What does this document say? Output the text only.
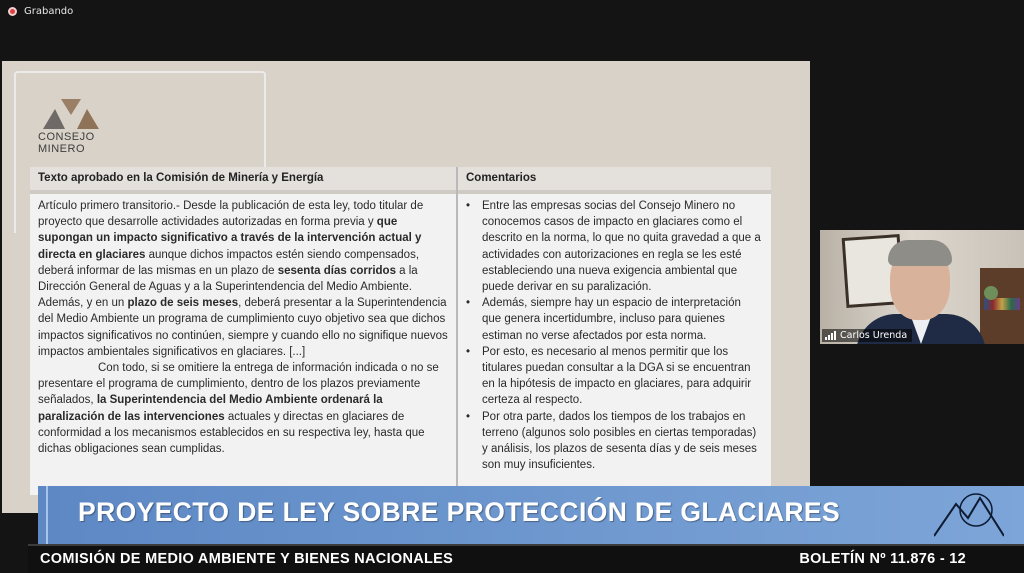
Grabando
CONSEJO
MINERO
Texto aprobado en la Comisión de Minería y Energía

Artículo primero transitorio.- Desde la publicación de esta ley, todo titular de proyecto que desarrolle actividades autorizadas en forma previa y que supongan un impacto significativo a través de la intervención actual y directa en glaciares aunque dichos impactos estén siendo compensados, deberá informar de las mismas en un plazo de sesenta días corridos a la Dirección General de Aguas y a la Superintendencia del Medio Ambiente. Además, y en un plazo de seis meses, deberá presentar a la Superintendencia del Medio Ambiente un programa de cumplimiento cuyo objetivo sea que dichos impactos significativos no continúen, siempre y cuando ello no signifique nuevos impactos ambientales significativos en glaciares. [...]

Con todo, si se omitiere la entrega de información indicada o no se presentare el programa de cumplimiento, dentro de los plazos previamente señalados, la Superintendencia del Medio Ambiente ordenará la paralización de las intervenciones actuales y directas en glaciares de conformidad a los mecanismos establecidos en su respectiva ley, hasta que dichas obligaciones sean cumplidas.

Comentarios
• Entre las empresas socias del Consejo Minero no conocemos casos de impacto en glaciares como el descrito en la norma, lo que no quita gravedad a que a actividades con autorizaciones en regla se les esté estableciendo una nueva exigencia ambiental que puede derivar en su paralización.
• Además, siempre hay un espacio de interpretación que genera incertidumbre, incluso para quienes estiman no verse afectados por esta norma.
• Por esto, es necesario al menos permitir que los titulares puedan consultar a la DGA si se encuentran en la hipótesis de impacto en glaciares, para adquirir certeza al respecto.
• Por otra parte, dados los tiempos de los trabajos en terreno (algunos solo posibles en ciertas temporadas) y análisis, los plazos de sesenta días y de seis meses son muy insuficientes.
Carlos Urenda
PROYECTO DE LEY SOBRE PROTECCIÓN DE GLACIARES
COMISIÓN DE MEDIO AMBIENTE Y BIENES NACIONALES	BOLETÍN Nº 11.876 - 12
